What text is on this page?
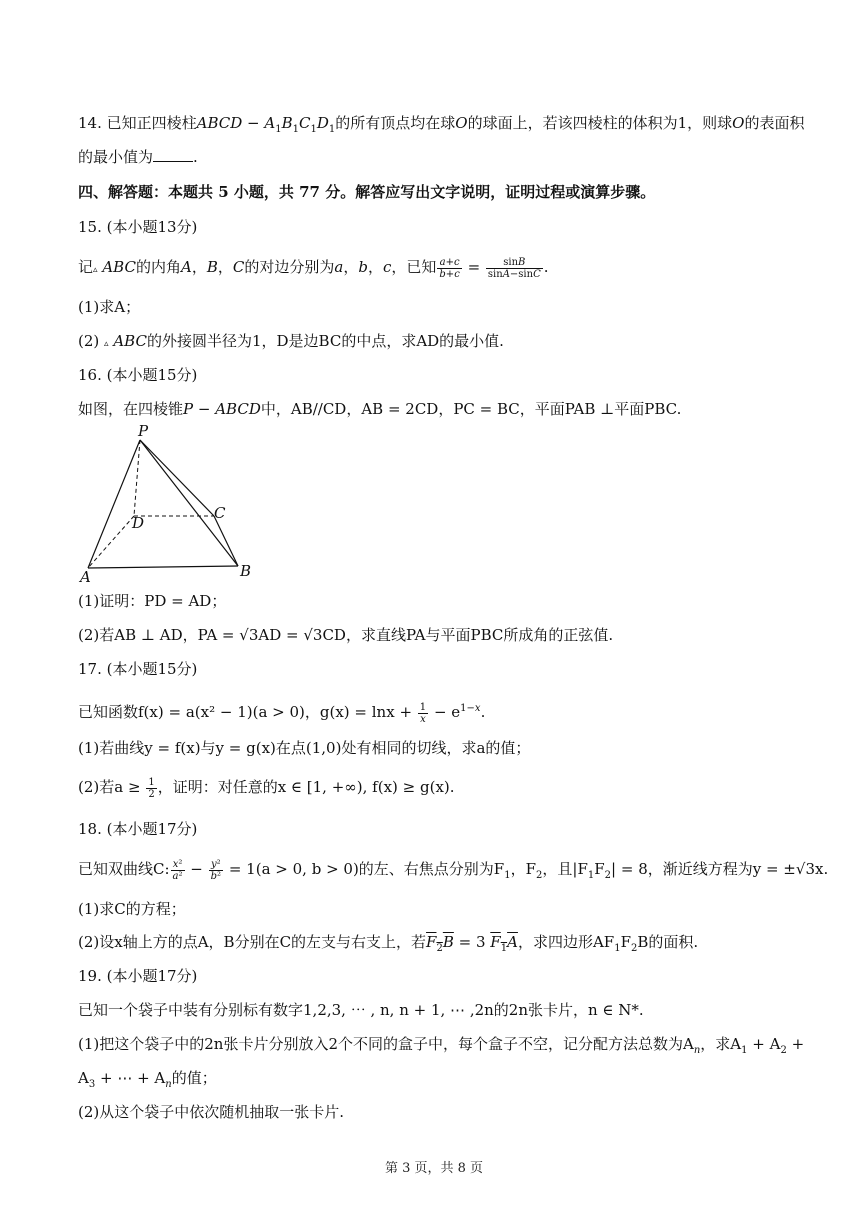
14. 已知正四棱柱ABCD − $A_1B_1C_1D_1$的所有顶点均在球O的球面上，若该四棱柱的体积为1，则球O的表面积
的最小值为	.
四、解答题：本题共 5 小题，共 77 分。解答应写出文字说明，证明过程或演算步骤。
15. (本小题13分)
记▵ ABC的内角A，B，C的对边分别为a，b，c，已知 $\frac{a+c}{b+c} = \frac{\sin B}{\sin A-\sin C}$ .
(1)求A；
(2) ▵ ABC的外接圆半径为1，D是边BC的中点，求AD的最小值.
16. (本小题15分)
如图，在四棱锥P − ABCD中，AB//CD，AB = 2CD，PC = BC，平面PAB ⊥平面PBC.
P
C
D
A	B
(1)证明：PD = AD；
(2)若AB ⊥ AD，PA = √3AD = √3CD，求直线PA与平面PBC所成角的正弦值.
17. (本小题15分)
已知函数f(x) = a(x² − 1)(a > 0)，$g(x) = \ln x + \frac{1}{x} - e^{1-x}$.
(1)若曲线y = f(x)与y = g(x)在点(1,0)处有相同的切线，求a的值；
(2)若$a \ge \frac{1}{2}$ ，证明：对任意的x ∈ [1, +∞), f(x) ≥ g(x).
18. (本小题17分)
已知双曲线C: $\frac{\text{x²}}{\text{a²}} - \frac{\text{y²}}{\text{b²}} = 1(a > 0$, b > 0)的左、右焦点分别为$F_1$，$F_2$，且$|F_1F_2| = 8$，渐近线方程为y = ±√3x.
(1)求C的方程；
(2)设x轴上方的点A，B分别在C的左支与右支上，若$F_2B = 3$ $F_1A$，求四边形$AF_1F_2B$的面积.
19. (本小题17分)
已知一个袋子中装有分别标有数字1,2,3, ⋯ , n, n + 1, ⋯ ,2n的2n张卡片，n ∈ N*.
(1)把这个袋子中的2n张卡片分别放入2个不同的盒子中，每个盒子不空，记分配方法总数为$A_n$，求$A_1 + A_2$ +
$A_3$ + ⋯ + $A_n$的值；
(2)从这个袋子中依次随机抽取一张卡片.
第 3 页，共 8 页
